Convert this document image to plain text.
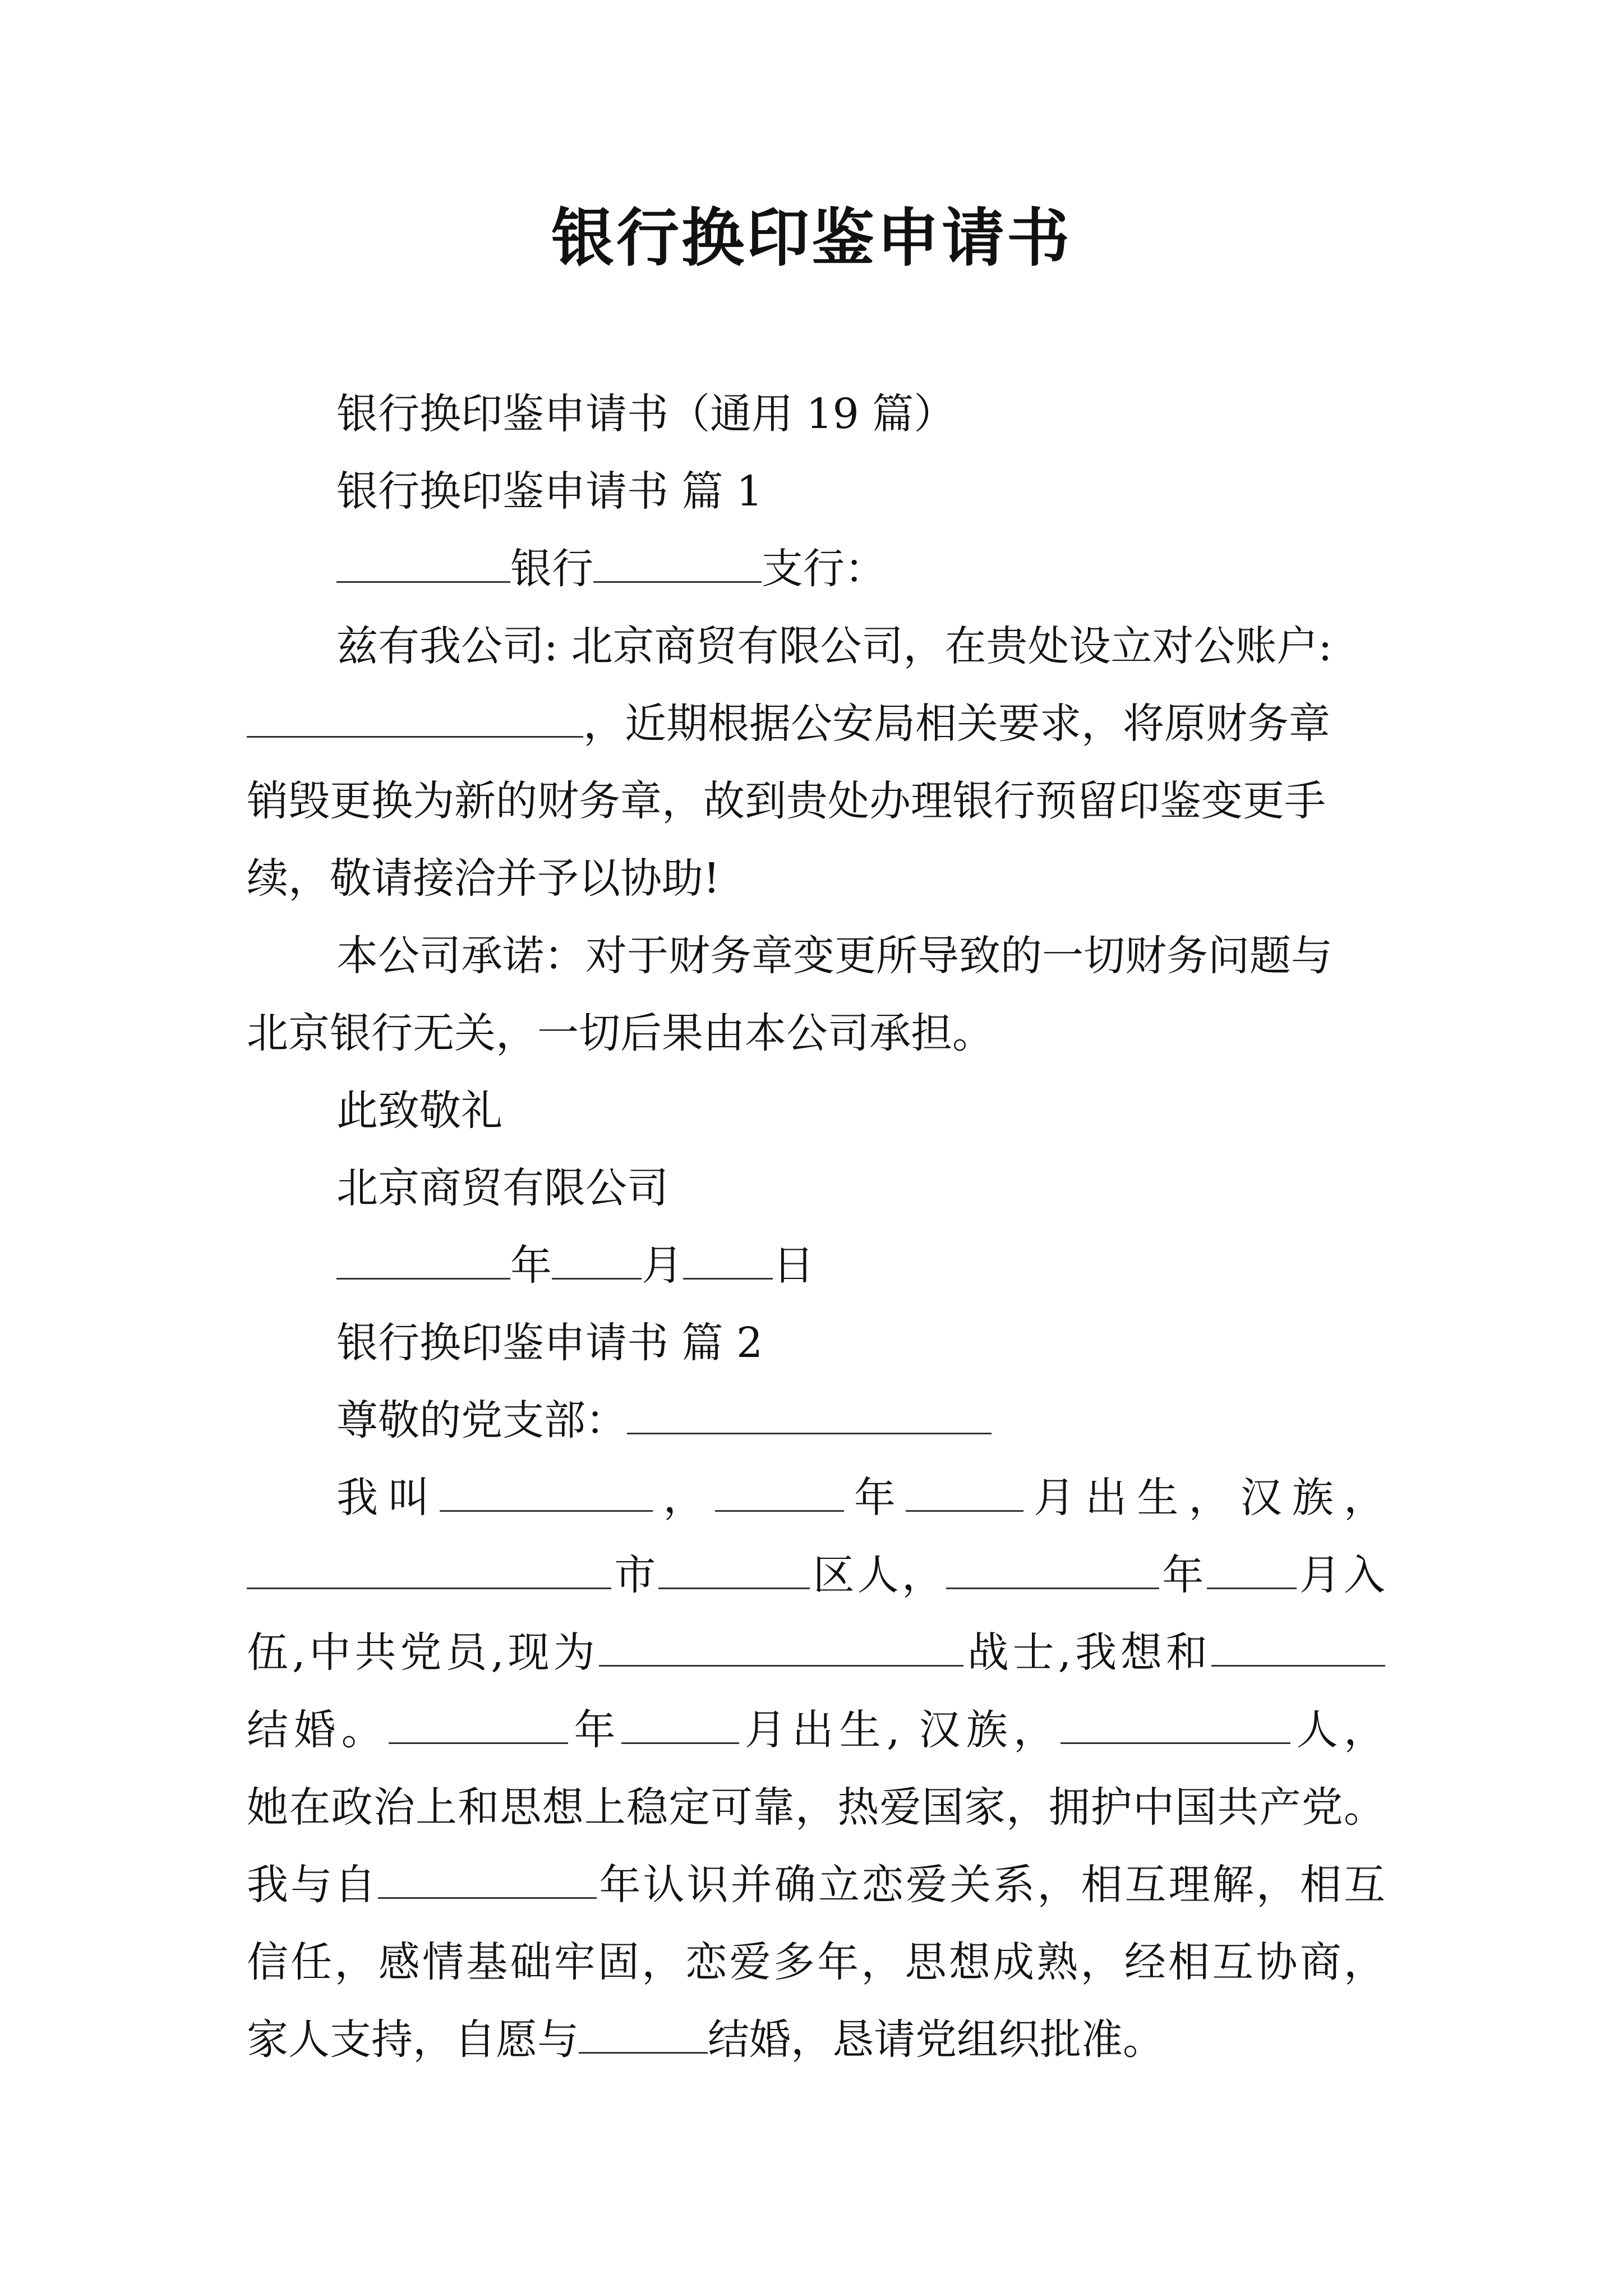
银行换印鉴申请书
银行换印鉴申请书（通用 19 篇）
银行换印鉴申请书 篇 1
银行	支行：
兹有我公司: 北京商贸有限公司，在贵处设立对公账户:
，近期根据公安局相关要求，将原财务章
销毁更换为新的财务章，故到贵处办理银行预留印鉴变更手
续，敬请接洽并予以协助!
本公司承诺：对于财务章变更所导致的一切财务问题与
北京银行无关，一切后果由本公司承担。
此致敬礼
北京商贸有限公司
年 月 日
银行换印鉴申请书 篇 2
尊敬的党支部：
我叫	，	年	月出生，汉族，
市	区人，	年 月入
伍,中共党员,现为	战士,我想和
结婚。	年	月出生, 汉族，	人，
她在政治上和思想上稳定可靠，热爱国家，拥护中国共产党。
我与自	年认识并确立恋爱关系，相互理解，相互
信任，感情基础牢固，恋爱多年，思想成熟，经相互协商，
家人支持，自愿与	结婚，恳请党组织批准。
